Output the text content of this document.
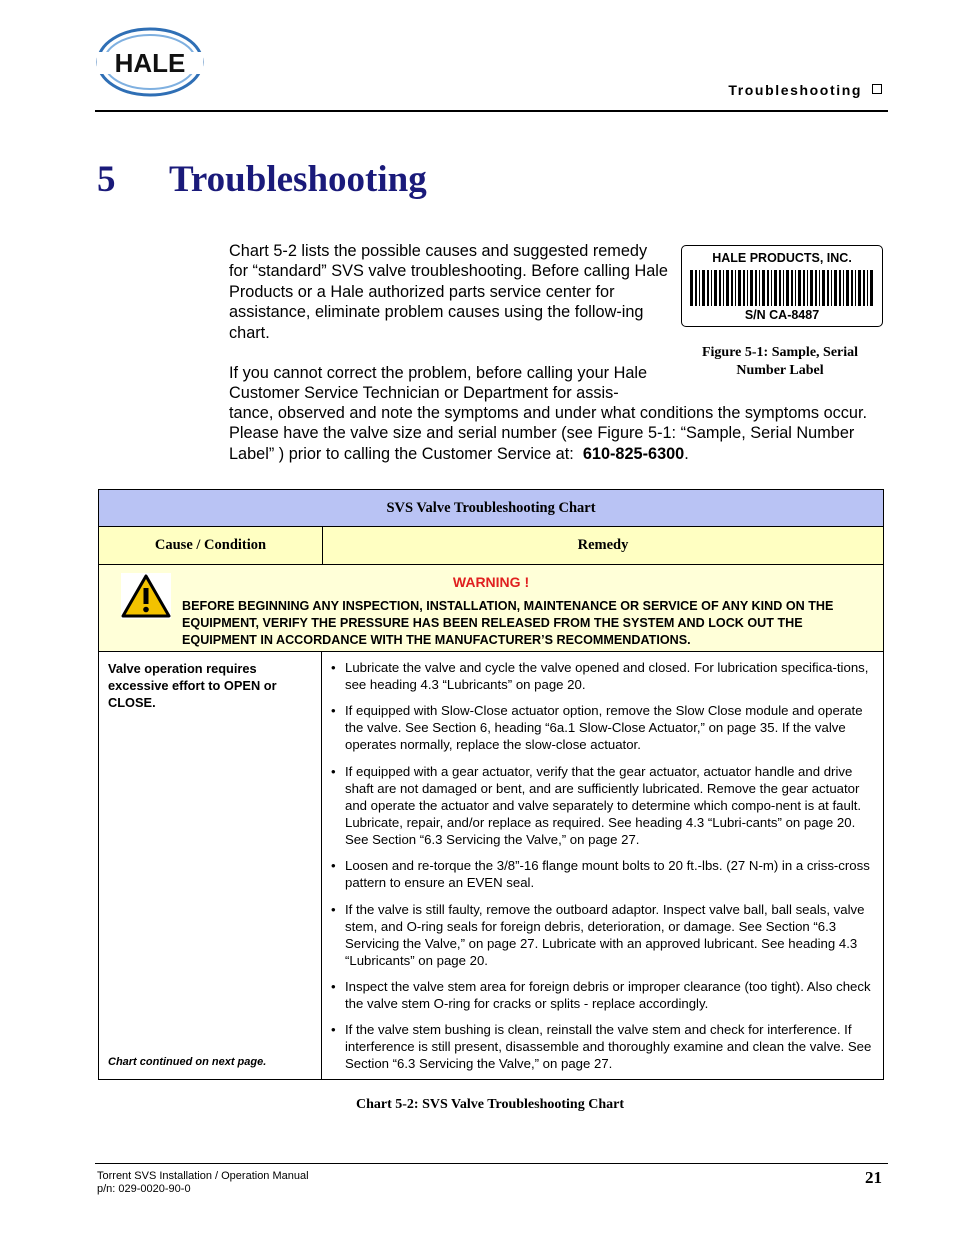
HALE
Troubleshooting
5 Troubleshooting
Chart 5-2 lists the possible causes and suggested remedy for “standard” SVS valve troubleshooting. Before calling Hale Products or a Hale authorized parts service center for assistance, eliminate problem causes using the follow-ing chart.
If you cannot correct the problem, before calling your Hale Customer Service Technician or Department for assis-
tance, observed and note the symptoms and under what conditions the symptoms occur. Please have the valve size and serial number (see Figure 5-1: “Sample, Serial Number Label” ) prior to calling the Customer Service at: 610-825-6300.
HALE PRODUCTS, INC.
S/N CA-8487
Figure 5-1: Sample, Serial Number Label
SVS Valve Troubleshooting Chart
Cause / Condition	Remedy
WARNING !
BEFORE BEGINNING ANY INSPECTION, INSTALLATION, MAINTENANCE OR SERVICE OF ANY KIND ON THE EQUIPMENT, VERIFY THE PRESSURE HAS BEEN RELEASED FROM THE SYSTEM AND LOCK OUT THE EQUIPMENT IN ACCORDANCE WITH THE MANUFACTURER’S RECOMMENDATIONS.
Valve operation requires excessive effort to OPEN or CLOSE.
Chart continued on next page.
• Lubricate the valve and cycle the valve opened and closed. For lubrication specifica-tions, see heading 4.3 “Lubricants” on page 20.
• If equipped with Slow-Close actuator option, remove the Slow Close module and operate the valve. See Section 6, heading “6a.1 Slow-Close Actuator,” on page 35. If the valve operates normally, replace the slow-close actuator.
• If equipped with a gear actuator, verify that the gear actuator, actuator handle and drive shaft are not damaged or bent, and are sufficiently lubricated. Remove the gear actuator and operate the actuator and valve separately to determine which compo-nent is at fault. Lubricate, repair, and/or replace as required. See heading 4.3 “Lubri-cants” on page 20. See Section “6.3 Servicing the Valve,” on page 27.
• Loosen and re-torque the 3/8”-16 flange mount bolts to 20 ft.-lbs. (27 N-m) in a criss-cross pattern to ensure an EVEN seal.
• If the valve is still faulty, remove the outboard adaptor. Inspect valve ball, ball seals, valve stem, and O-ring seals for foreign debris, deterioration, or damage. See Section “6.3 Servicing the Valve,” on page 27. Lubricate with an approved lubricant. See heading 4.3 “Lubricants” on page 20.
• Inspect the valve stem area for foreign debris or improper clearance (too tight). Also check the valve stem O-ring for cracks or splits - replace accordingly.
• If the valve stem bushing is clean, reinstall the valve stem and check for interference. If interference is still present, disassemble and thoroughly examine and clean the valve. See Section “6.3 Servicing the Valve,” on page 27.
Chart 5-2: SVS Valve Troubleshooting Chart
Torrent SVS Installation / Operation Manual
p/n: 029-0020-90-0
21
